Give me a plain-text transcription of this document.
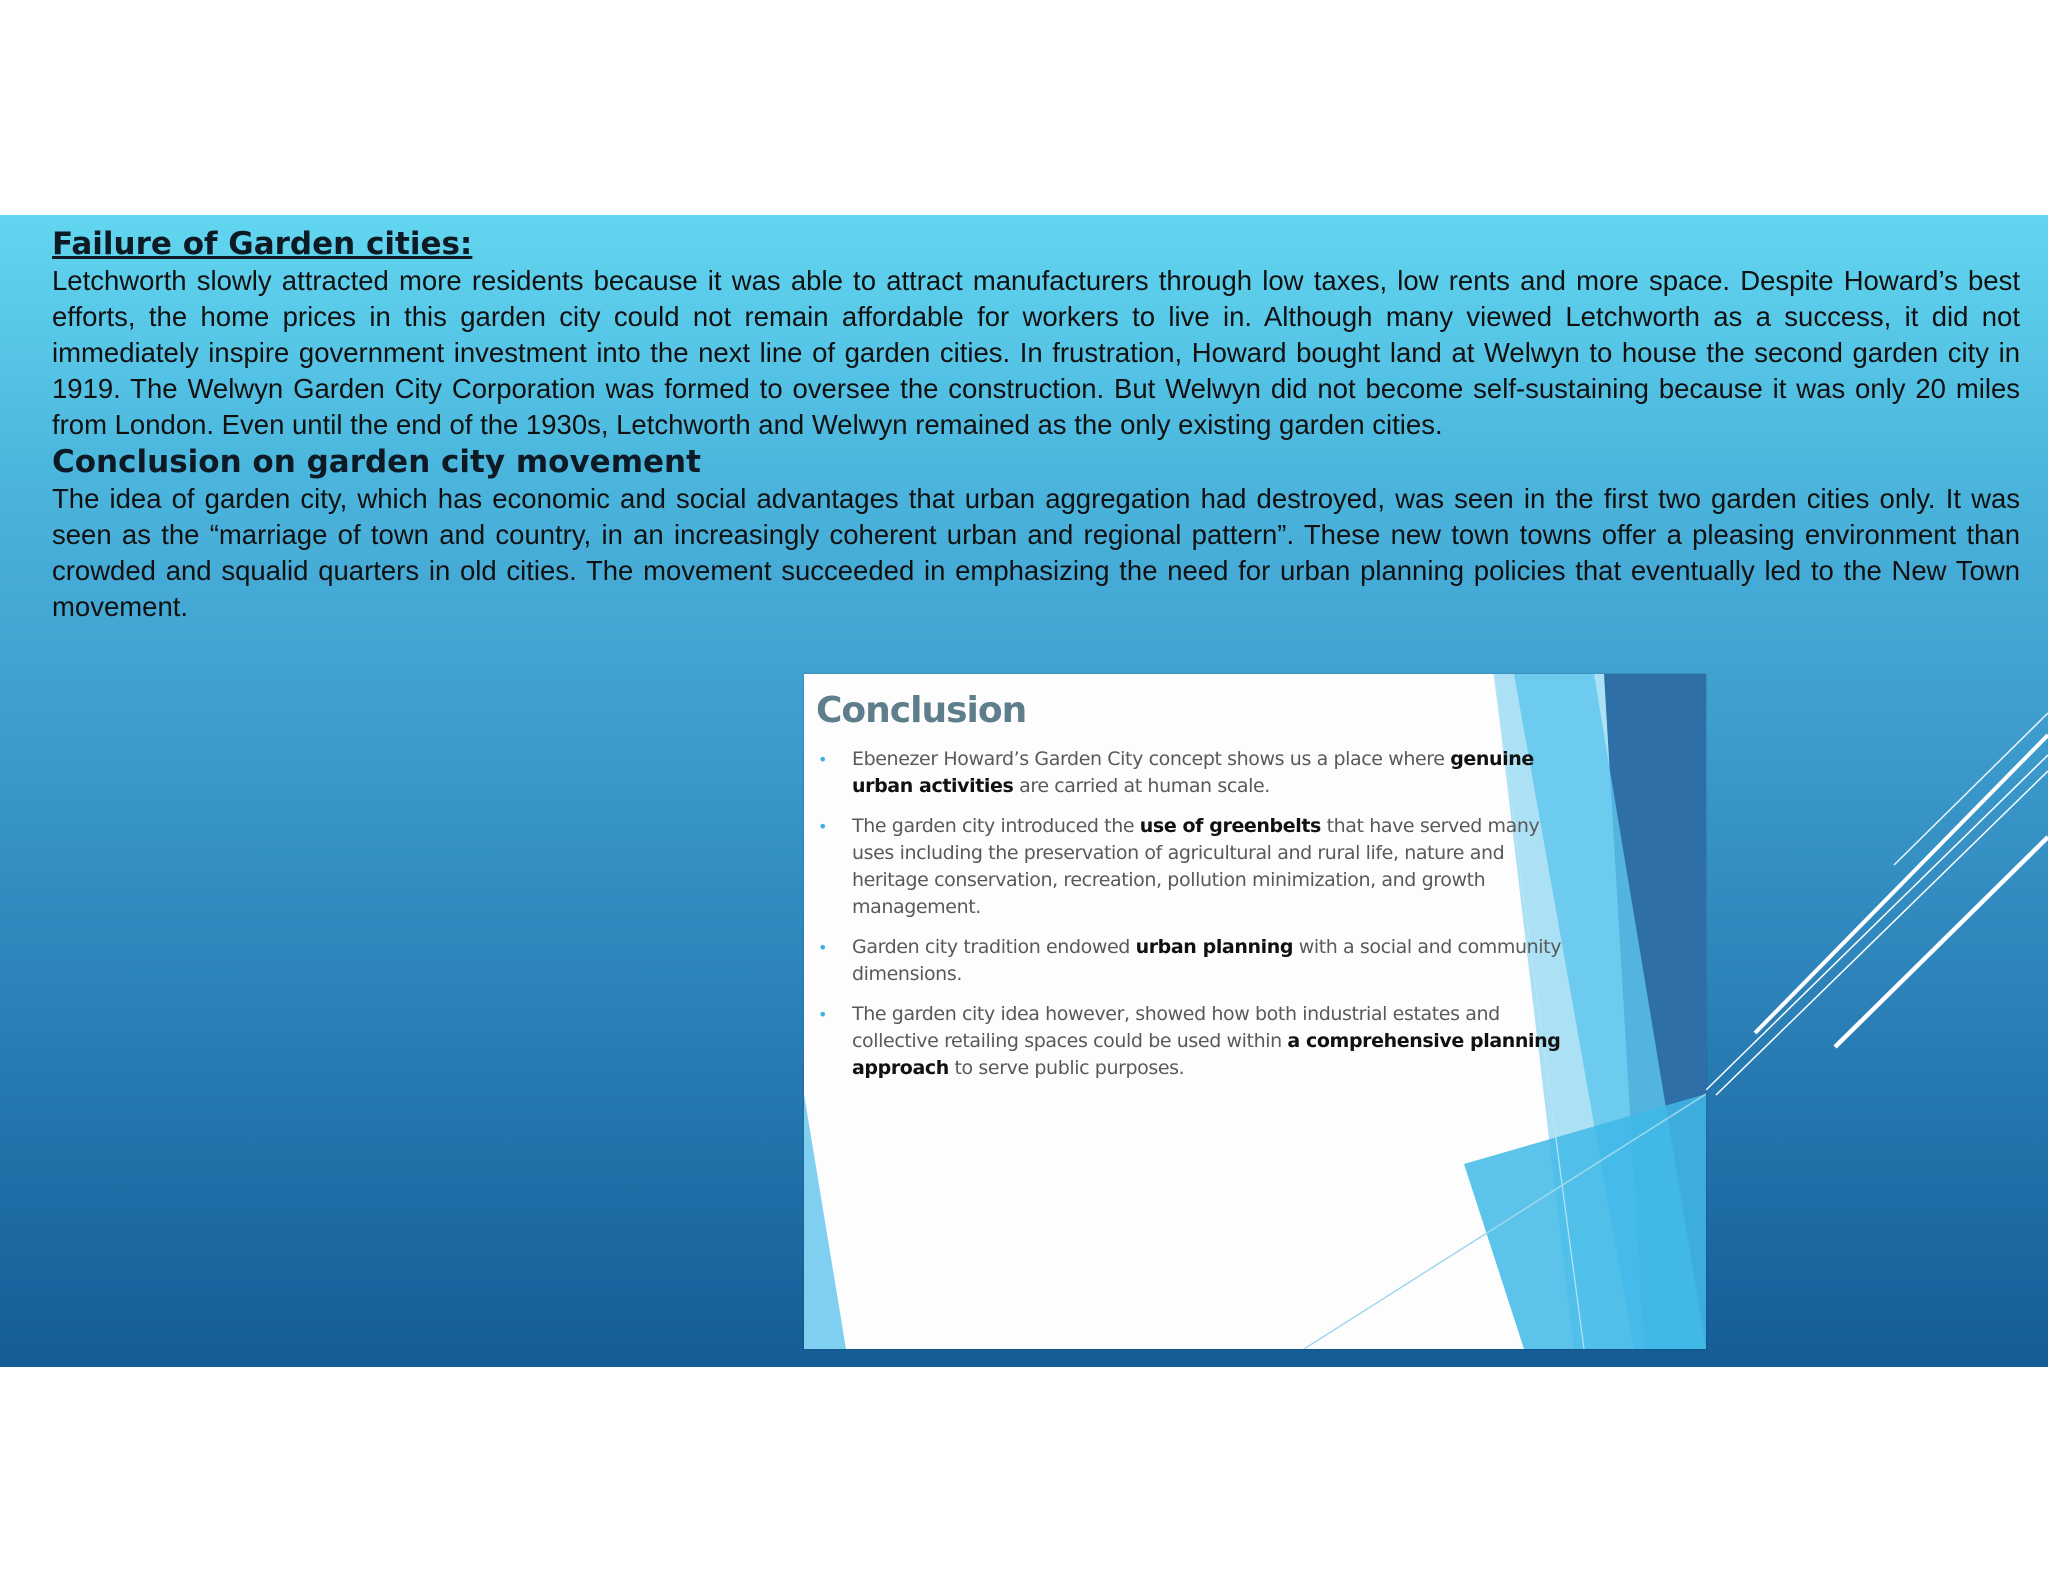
Failure of Garden cities:

Letchworth slowly attracted more residents because it was able to attract manufacturers through low taxes, low rents and more space. Despite Howard’s best efforts, the home prices in this garden city could not remain affordable for workers to live in. Although many viewed Letchworth as a success, it did not immediately inspire government investment into the next line of garden cities. In frustration, Howard bought land at Welwyn to house the second garden city in 1919. The Welwyn Garden City Corporation was formed to oversee the construction. But Welwyn did not become self-sustaining because it was only 20 miles from London. Even until the end of the 1930s, Letchworth and Welwyn remained as the only existing garden cities.

Conclusion on garden city movement

The idea of garden city, which has economic and social advantages that urban aggregation had destroyed, was seen in the first two garden cities only. It was seen as the “marriage of town and country, in an increasingly coherent urban and regional pattern”. These new town towns offer a pleasing environment than crowded and squalid quarters in old cities. The movement succeeded in emphasizing the need for urban planning policies that eventually led to the New Town movement.

Conclusion
• Ebenezer Howard’s Garden City concept shows us a place where genuine urban activities are carried at human scale.
• The garden city introduced the use of greenbelts that have served many uses including the preservation of agricultural and rural life, nature and heritage conservation, recreation, pollution minimization, and growth management.
• Garden city tradition endowed urban planning with a social and community dimensions.
• The garden city idea however, showed how both industrial estates and collective retailing spaces could be used within a comprehensive planning approach to serve public purposes.
